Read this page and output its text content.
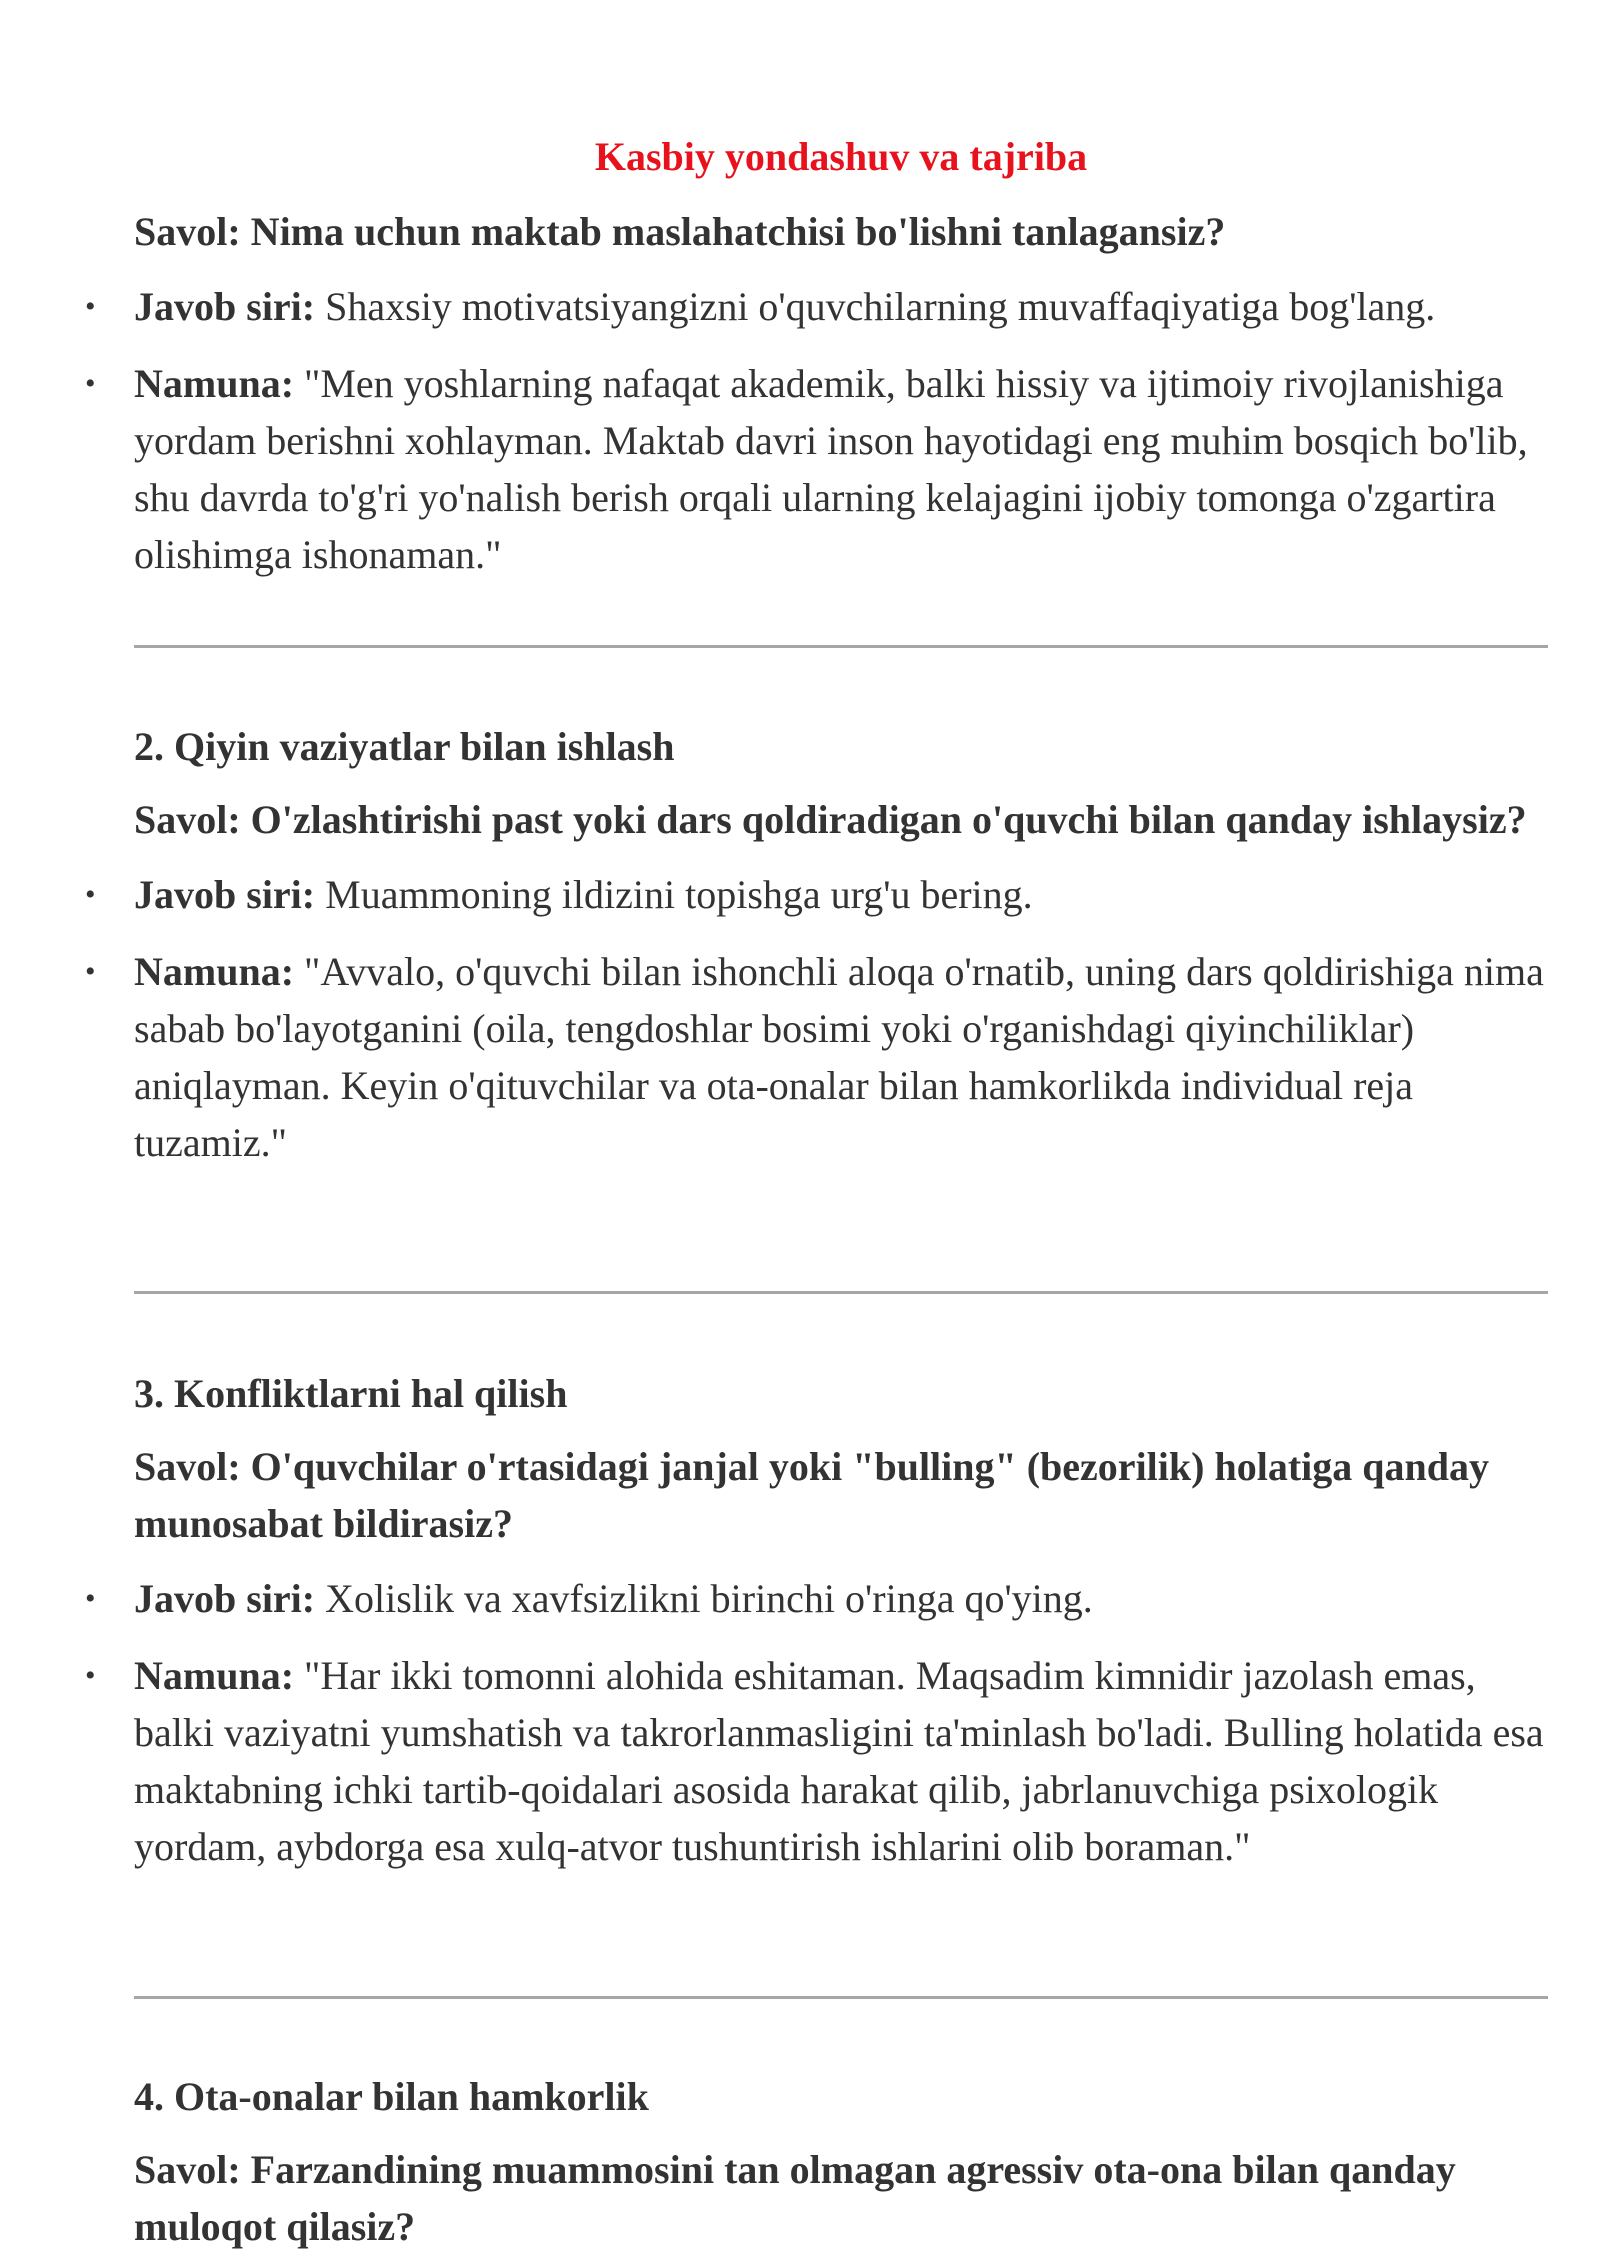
Kasbiy yondashuv va tajriba

Savol: Nima uchun maktab maslahatchisi bo'lishni tanlagansiz?

• Javob siri: Shaxsiy motivatsiyangizni o'quvchilarning muvaffaqiyatiga bog'lang.
• Namuna: "Men yoshlarning nafaqat akademik, balki hissiy va ijtimoiy rivojlanishiga yordam berishni xohlayman. Maktab davri inson hayotidagi eng muhim bosqich bo'lib, shu davrda to'g'ri yo'nalish berish orqali ularning kelajagini ijobiy tomonga o'zgartira olishimga ishonaman."
2. Qiyin vaziyatlar bilan ishlash

Savol: O'zlashtirishi past yoki dars qoldiradigan o'quvchi bilan qanday ishlaysiz?

• Javob siri: Muammoning ildizini topishga urg'u bering.
• Namuna: "Avvalo, o'quvchi bilan ishonchli aloqa o'rnatib, uning dars qoldirishiga nima sabab bo'layotganini (oila, tengdoshlar bosimi yoki o'rganishdagi qiyinchiliklar) aniqlayman. Keyin o'qituvchilar va ota-onalar bilan hamkorlikda individual reja tuzamiz."
3. Konfliktlarni hal qilish

Savol: O'quvchilar o'rtasidagi janjal yoki "bulling" (bezorilik) holatiga qanday munosabat bildirasiz?

• Javob siri: Xolislik va xavfsizlikni birinchi o'ringa qo'ying.
• Namuna: "Har ikki tomonni alohida eshitaman. Maqsadim kimnidir jazolash emas, balki vaziyatni yumshatish va takrorlanmasligini ta'minlash bo'ladi. Bulling holatida esa maktabning ichki tartib-qoidalari asosida harakat qilib, jabrlanuvchiga psixologik yordam, aybdorga esa xulq-atvor tushuntirish ishlarini olib boraman."
4. Ota-onalar bilan hamkorlik

Savol: Farzandining muammosini tan olmagan agressiv ota-ona bilan qanday muloqot qilasiz?
